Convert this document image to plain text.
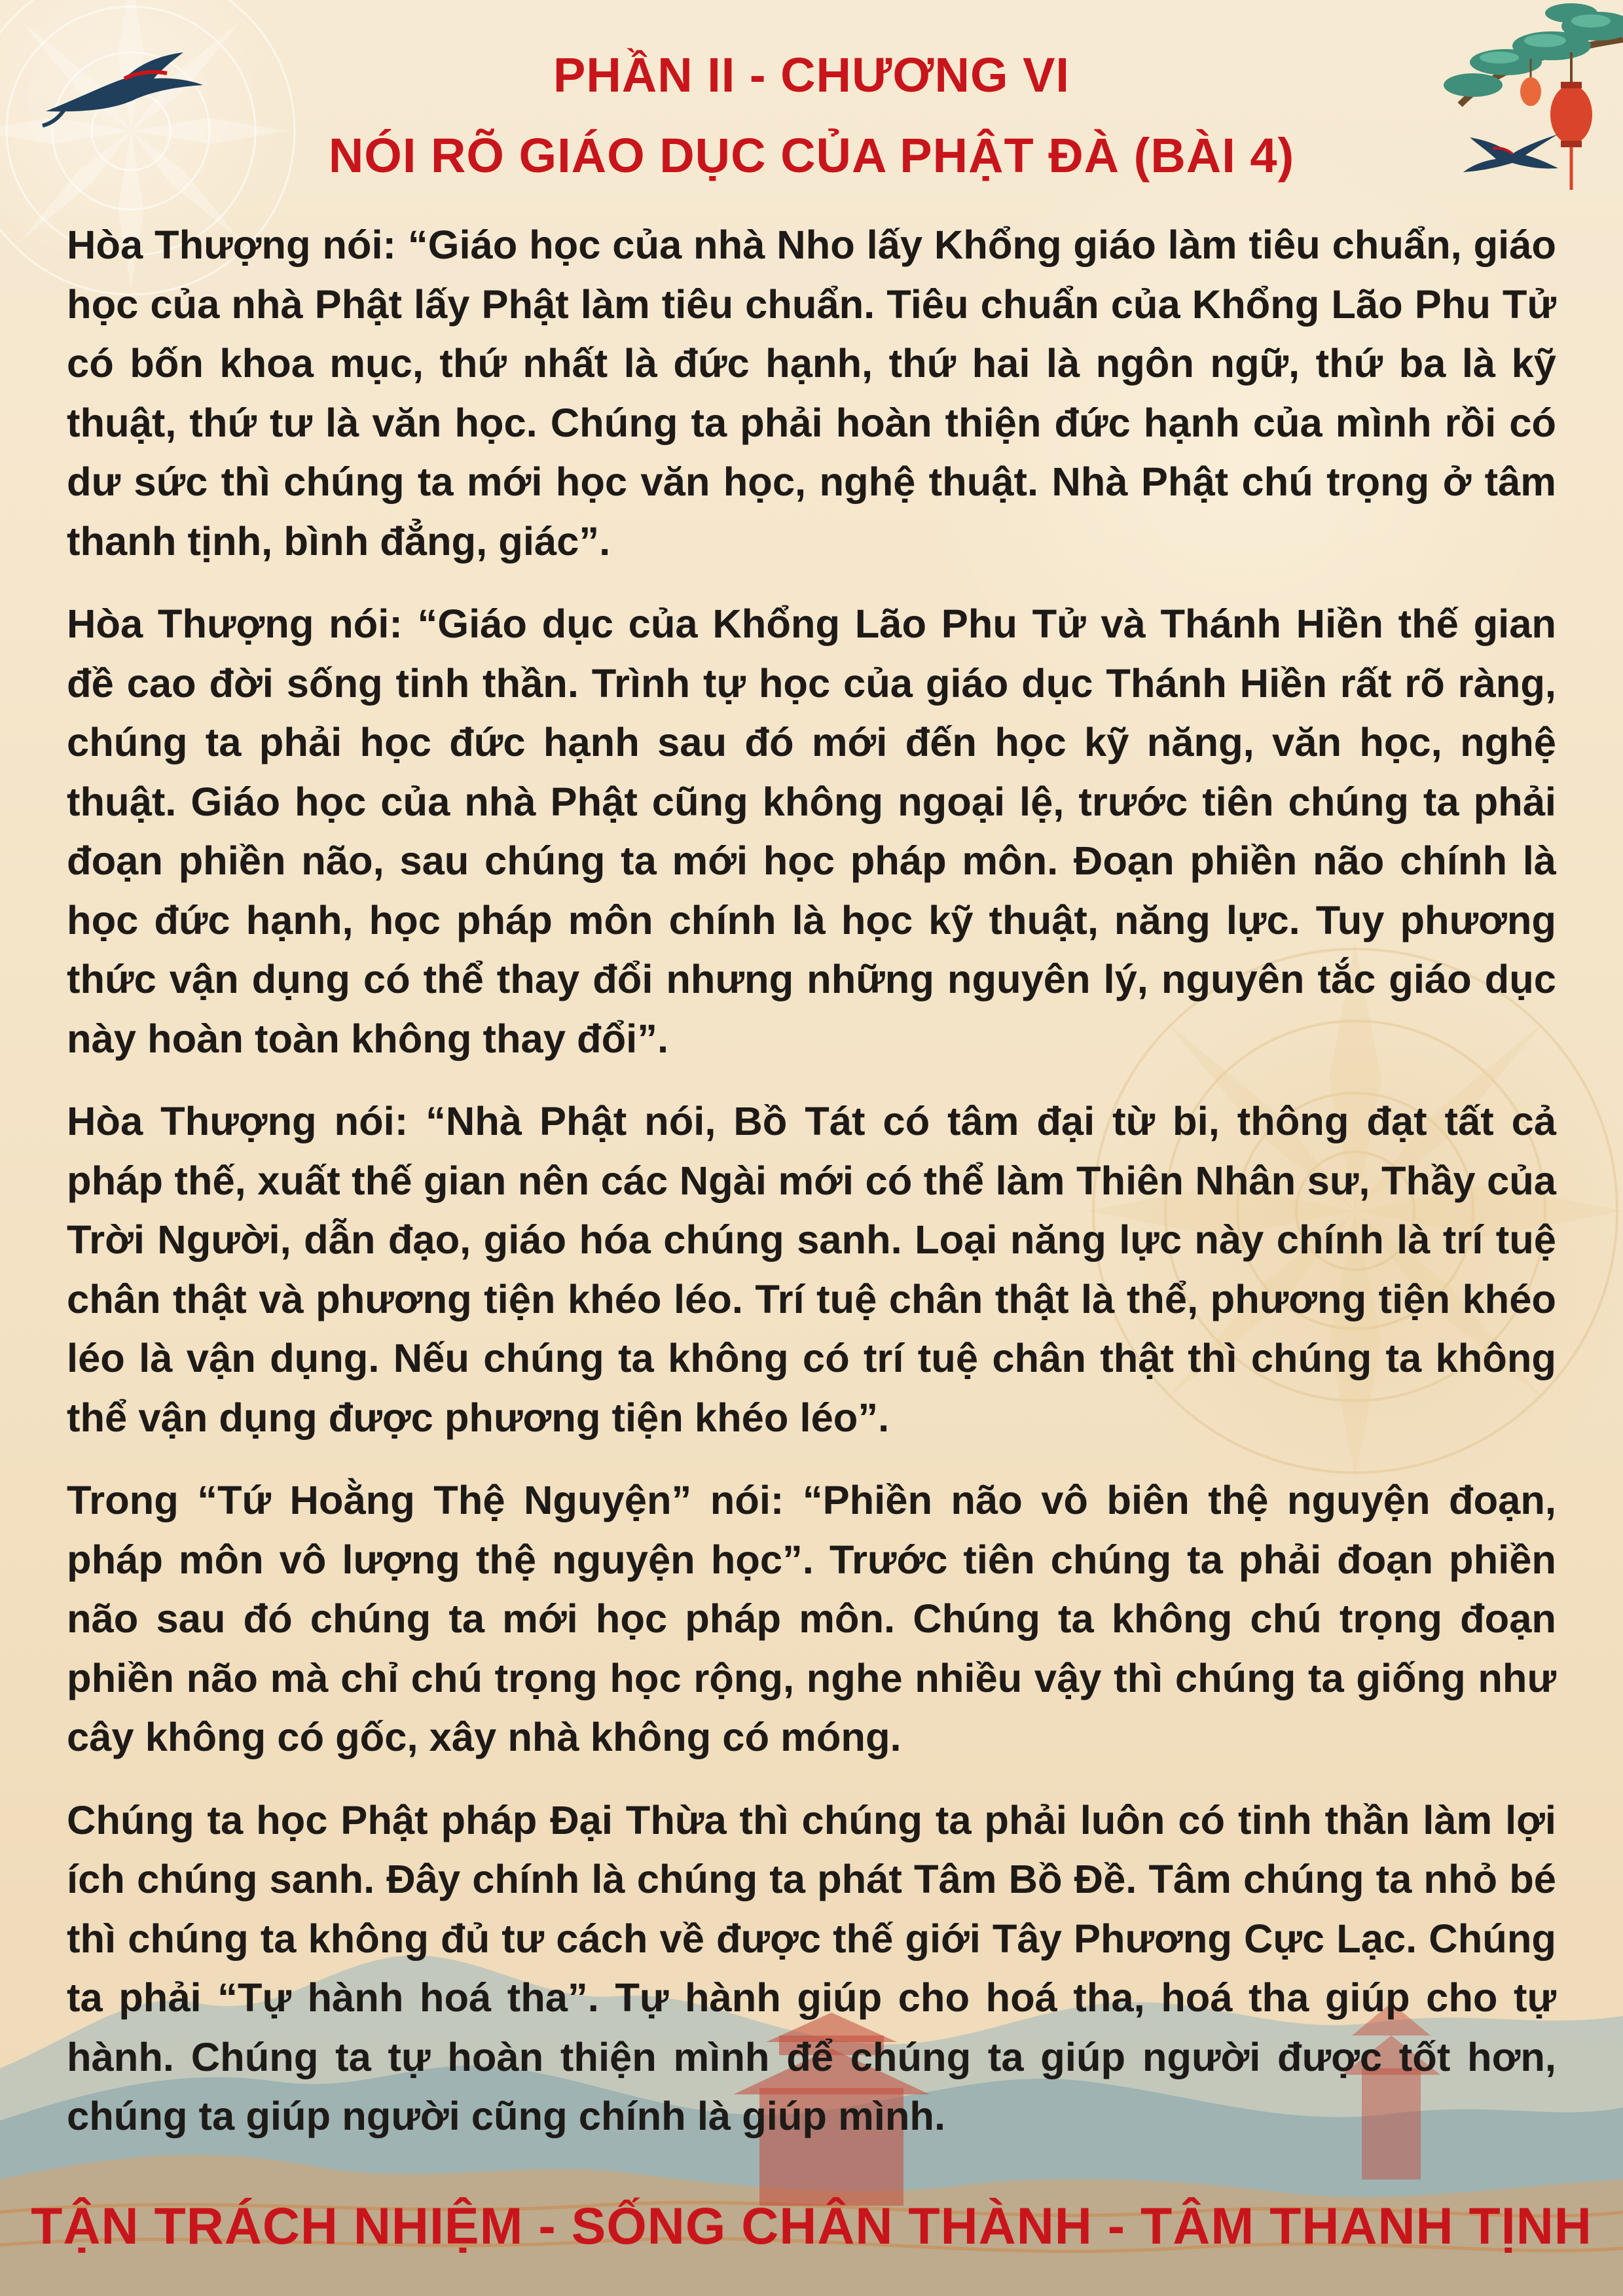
PHẦN II - CHƯƠNG VI
NÓI RÕ GIÁO DỤC CỦA PHẬT ĐÀ (BÀI 4)

Hòa Thượng nói: “Giáo học của nhà Nho lấy Khổng giáo làm tiêu chuẩn, giáo học của nhà Phật lấy Phật làm tiêu chuẩn. Tiêu chuẩn của Khổng Lão Phu Tử có bốn khoa mục, thứ nhất là đức hạnh, thứ hai là ngôn ngữ, thứ ba là kỹ thuật, thứ tư là văn học. Chúng ta phải hoàn thiện đức hạnh của mình rồi có dư sức thì chúng ta mới học văn học, nghệ thuật. Nhà Phật chú trọng ở tâm thanh tịnh, bình đẳng, giác”.

Hòa Thượng nói: “Giáo dục của Khổng Lão Phu Tử và Thánh Hiền thế gian đề cao đời sống tinh thần. Trình tự học của giáo dục Thánh Hiền rất rõ ràng, chúng ta phải học đức hạnh sau đó mới đến học kỹ năng, văn học, nghệ thuật. Giáo học của nhà Phật cũng không ngoại lệ, trước tiên chúng ta phải đoạn phiền não, sau chúng ta mới học pháp môn. Đoạn phiền não chính là học đức hạnh, học pháp môn chính là học kỹ thuật, năng lực. Tuy phương thức vận dụng có thể thay đổi nhưng những nguyên lý, nguyên tắc giáo dục này hoàn toàn không thay đổi”.

Hòa Thượng nói: “Nhà Phật nói, Bồ Tát có tâm đại từ bi, thông đạt tất cả pháp thế, xuất thế gian nên các Ngài mới có thể làm Thiên Nhân sư, Thầy của Trời Người, dẫn đạo, giáo hóa chúng sanh. Loại năng lực này chính là trí tuệ chân thật và phương tiện khéo léo. Trí tuệ chân thật là thể, phương tiện khéo léo là vận dụng. Nếu chúng ta không có trí tuệ chân thật thì chúng ta không thể vận dụng được phương tiện khéo léo”.

Trong “Tứ Hoằng Thệ Nguyện” nói: “Phiền não vô biên thệ nguyện đoạn, pháp môn vô lượng thệ nguyện học”. Trước tiên chúng ta phải đoạn phiền não sau đó chúng ta mới học pháp môn. Chúng ta không chú trọng đoạn phiền não mà chỉ chú trọng học rộng, nghe nhiều vậy thì chúng ta giống như cây không có gốc, xây nhà không có móng.

Chúng ta học Phật pháp Đại Thừa thì chúng ta phải luôn có tinh thần làm lợi ích chúng sanh. Đây chính là chúng ta phát Tâm Bồ Đề. Tâm chúng ta nhỏ bé thì chúng ta không đủ tư cách về được thế giới Tây Phương Cực Lạc. Chúng ta phải “Tự hành hoá tha”. Tự hành giúp cho hoá tha, hoá tha giúp cho tự hành. Chúng ta tự hoàn thiện mình để chúng ta giúp người được tốt hơn, chúng ta giúp người cũng chính là giúp mình.

TẬN TRÁCH NHIỆM - SỐNG CHÂN THÀNH - TÂM THANH TỊNH
